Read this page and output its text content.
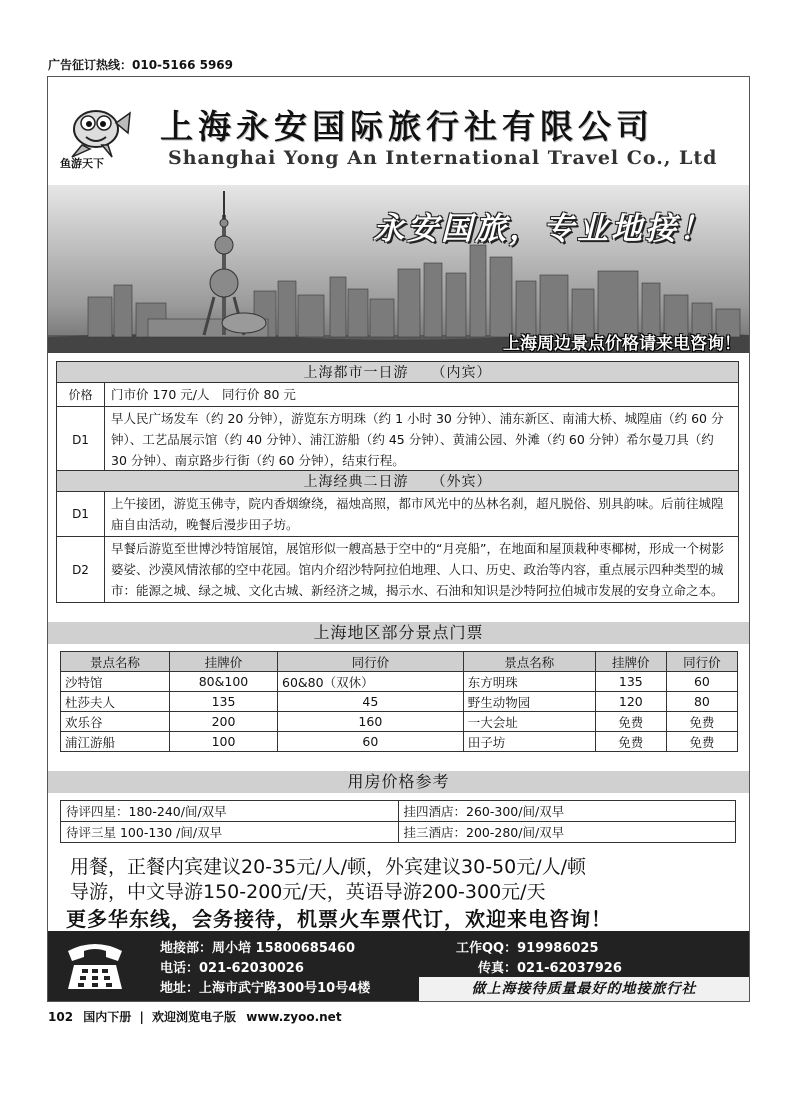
广告征订热线：010-5166 5969
鱼游天下
上海永安国际旅行社有限公司
Shanghai Yong An International Travel Co., Ltd
永安国旅，专业地接！
上海周边景点价格请来电咨询！
上海都市一日游　　（内宾）	
价格	门市价 170 元/人　同行价 80 元
D1	早人民广场发车（约 20 分钟），游览东方明珠（约 1 小时 30 分钟）、浦东新区、南浦大桥、城隍庙（约 60 分钟）、工艺品展示馆（约 40 分钟）、浦江游船（约 45 分钟）、黄浦公园、外滩（约 60 分钟）希尔曼刀具（约 30 分钟）、南京路步行街（约 60 分钟），结束行程。
上海经典二日游　　（外宾）	
D1	上午接团，游览玉佛寺，院内香烟缭绕，福烛高照，都市风光中的丛林名刹，超凡脱俗、别具韵味。后前往城隍庙自由活动，晚餐后漫步田子坊。
D2	早餐后游览至世博沙特馆展馆，展馆形似一艘高悬于空中的“月亮船”，在地面和屋顶栽种枣椰树，形成一个树影婆娑、沙漠风情浓郁的空中花园。馆内介绍沙特阿拉伯地理、人口、历史、政治等内容，重点展示四种类型的城市：能源之城、绿之城、文化古城、新经济之城，揭示水、石油和知识是沙特阿拉伯城市发展的安身立命之本。
上海地区部分景点门票
景点名称	挂牌价	同行价	景点名称	挂牌价	同行价
沙特馆	80&100	60&80（双休）	东方明珠	135	60
杜莎夫人	135	45	野生动物园	120	80
欢乐谷	200	160	一大会址	免费	免费
浦江游船	100	60	田子坊	免费	免费
用房价格参考
待评四星：180-240/间/双早	挂四酒店：260-300/间/双早
待评三星 100-130 /间/双早	挂三酒店：200-280/间/双早
用餐，正餐内宾建议20-35元/人/顿，外宾建议30-50元/人/顿
导游，中文导游150-200元/天，英语导游200-300元/天
更多华东线，会务接待，机票火车票代订，欢迎来电咨询！
地接部：周小培 15800685460	工作QQ：919986025
电话：021-62030026	传真：021-62037926
地址：上海市武宁路300号10号4楼	做上海接待质量最好的地接旅行社
102 国内下册 | 欢迎浏览电子版 www.zyoo.net
